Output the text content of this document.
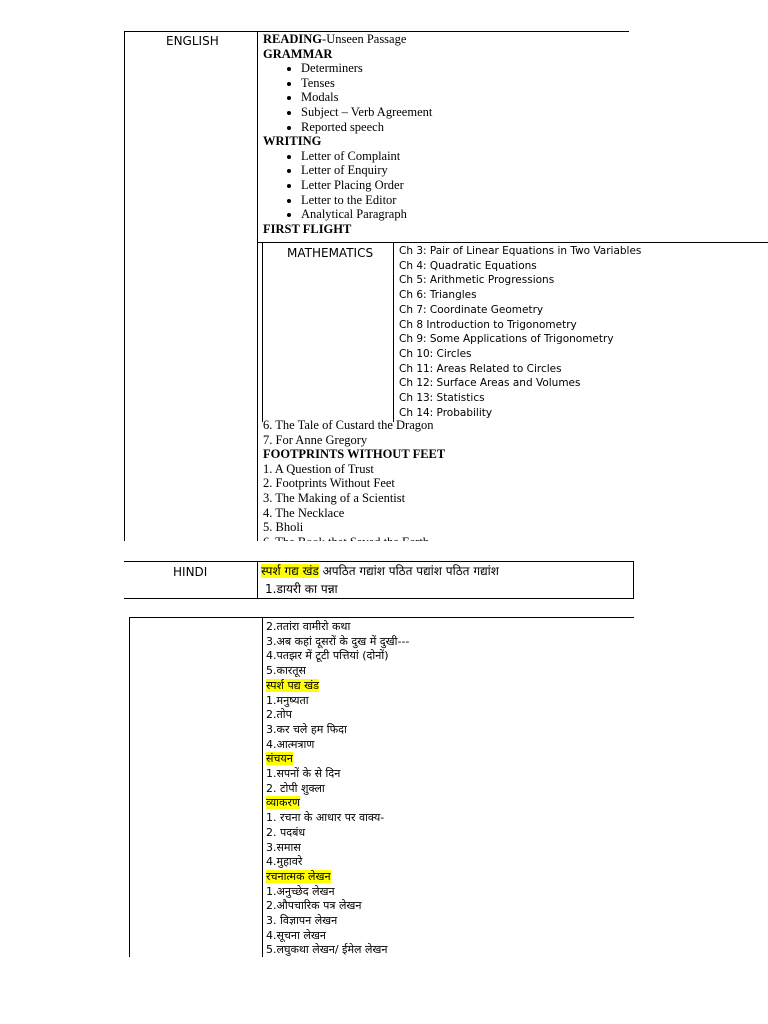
ENGLISH	READING-Unseen Passage
GRAMMAR
• Determiners
• Tenses
• Modals
• Subject – Verb Agreement
• Reported speech
WRITING
• Letter of Complaint
• Letter of Enquiry
• Letter Placing Order
• Letter to the Editor
• Analytical Paragraph
FIRST FLIGHT
MATHEMATICS Ch 3: Pair of Linear Equations in Two Variables
Ch 4: Quadratic Equations
Ch 5: Arithmetic Progressions
Ch 6: Triangles
Ch 7: Coordinate Geometry
Ch 8 Introduction to Trigonometry
Ch 9: Some Applications of Trigonometry
Ch 10: Circles
Ch 11: Areas Related to Circles
Ch 12: Surface Areas and Volumes
Ch 13: Statistics
Ch 14: Probability
6. The Tale of Custard the Dragon
7. For Anne Gregory
FOOTPRINTS WITHOUT FEET
1. A Question of Trust
2. Footprints Without Feet
3. The Making of a Scientist
4. The Necklace
5. Bholi
HINDI	स्पर्श गद्य खंड अपठित गद्यांश पठित पद्यांश पठित गद्यांश
1.डायरी का पन्ना
2.ततांरा वामीरो कथा
3.अब कहां दूसरों के दुख में दुखी---
4.पतझर में टूटी पत्तियां (दोनों)
5.कारतूस
स्पर्श पद्य खंड
1.मनुष्यता
2.तोप
3.कर चले हम फिदा
4.आत्मत्राण
संचयन
1.सपनों के से दिन
2. टोपी शुक्ला
व्याकरण
1. रचना के आधार पर वाक्य-
2. पदबंध
3.समास
4.मुहावरे
रचनात्मक लेखन
1.अनुच्छेद लेखन
2.औपचारिक पत्र लेखन
3. विज्ञापन लेखन
4.सूचना लेखन
5.लघुकथा लेखन/ ईमेल लेखन
